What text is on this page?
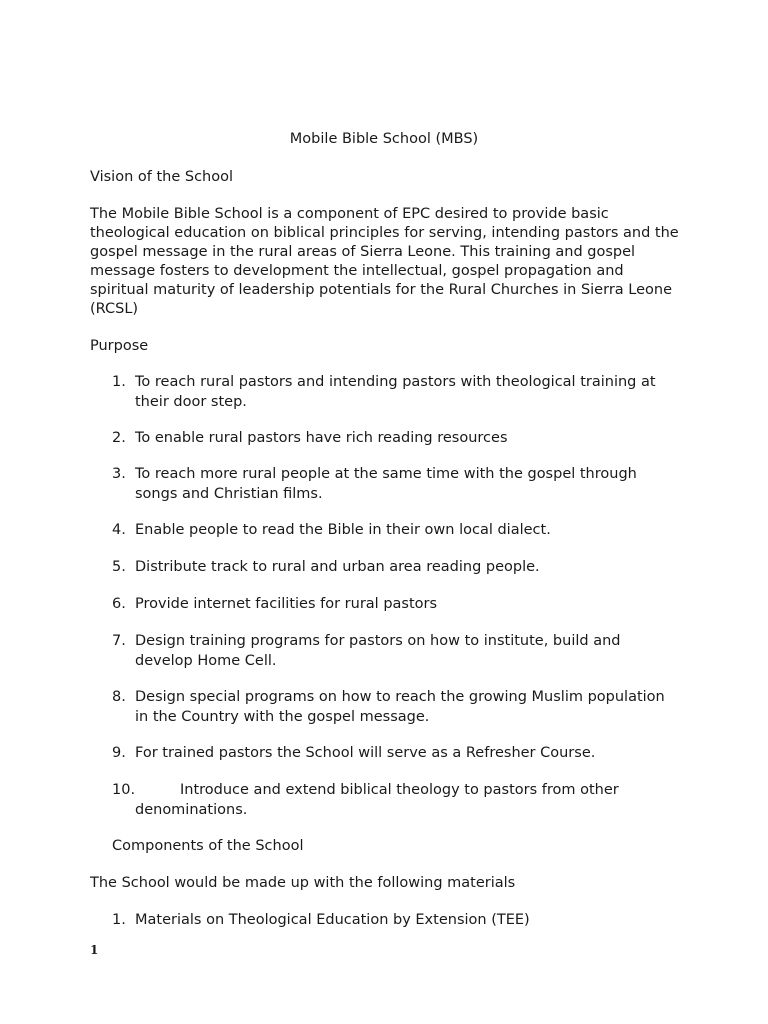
Mobile Bible School (MBS)
Vision of the School
The Mobile Bible School is a component of EPC desired to provide basic theological education on biblical principles for serving, intending pastors and the gospel message in the rural areas of Sierra Leone. This training and gospel message fosters to development the intellectual, gospel propagation and spiritual maturity of leadership potentials for the Rural Churches in Sierra Leone (RCSL)
Purpose
1. To reach rural pastors and intending pastors with theological training at their door step.
2. To enable rural pastors have rich reading resources
3. To reach more rural people at the same time with the gospel through songs and Christian films.
4. Enable people to read the Bible in their own local dialect.
5. Distribute track to rural and urban area reading people.
6. Provide internet facilities for rural pastors
7. Design training programs for pastors on how to institute, build and develop Home Cell.
8. Design special programs on how to reach the growing Muslim population in the Country with the gospel message.
9. For trained pastors the School will serve as a Refresher Course.
10.	Introduce and extend biblical theology to pastors from other
denominations.
Components of the School
The School would be made up with the following materials
1. Materials on Theological Education by Extension (TEE)
1
